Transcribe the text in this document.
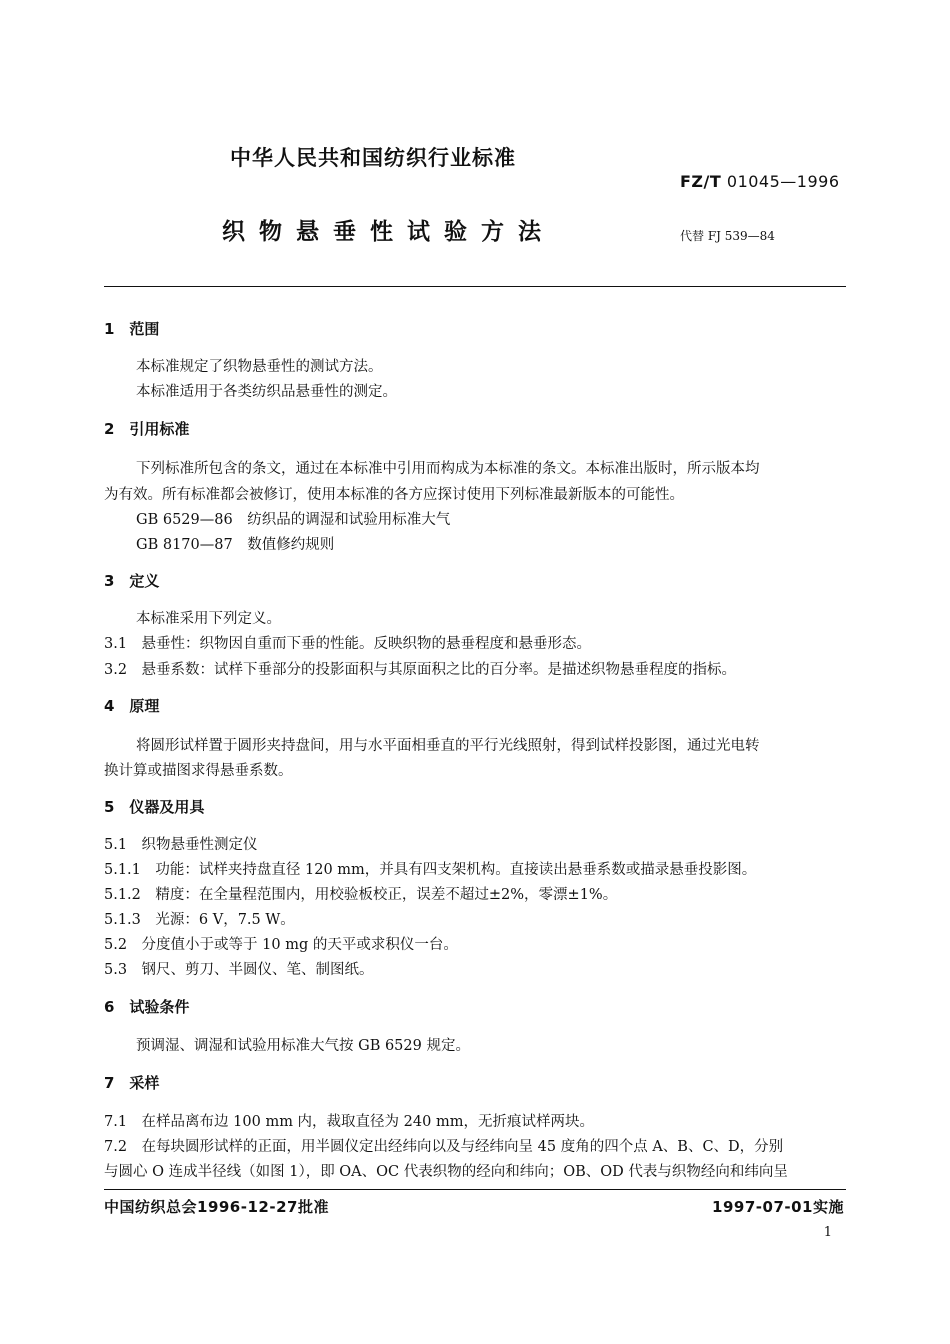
中华人民共和国纺织行业标准
FZ/T 01045—1996
织物悬垂性试验方法	代替 FJ 539—84
1　范围
本标准规定了织物悬垂性的测试方法。
本标准适用于各类纺织品悬垂性的测定。
2　引用标准
下列标准所包含的条文，通过在本标准中引用而构成为本标准的条文。本标准出版时，所示版本均
为有效。所有标准都会被修订，使用本标准的各方应探讨使用下列标准最新版本的可能性。
GB 6529—86　纺织品的调湿和试验用标准大气
GB 8170—87　数值修约规则
3　定义
本标准采用下列定义。
3.1　悬垂性：织物因自重而下垂的性能。反映织物的悬垂程度和悬垂形态。
3.2　悬垂系数：试样下垂部分的投影面积与其原面积之比的百分率。是描述织物悬垂程度的指标。
4　原理
将圆形试样置于圆形夹持盘间，用与水平面相垂直的平行光线照射，得到试样投影图，通过光电转
换计算或描图求得悬垂系数。
5　仪器及用具
5.1　织物悬垂性测定仪
5.1.1　功能：试样夹持盘直径 120 mm，并具有四支架机构。直接读出悬垂系数或描录悬垂投影图。
5.1.2　精度：在全量程范围内，用校验板校正，误差不超过±2%，零漂±1%。
5.1.3　光源：6 V，7.5 W。
5.2　分度值小于或等于 10 mg 的天平或求积仪一台。
5.3　钢尺、剪刀、半圆仪、笔、制图纸。
6　试验条件
预调湿、调湿和试验用标准大气按 GB 6529 规定。
7　采样
7.1　在样品离布边 100 mm 内，裁取直径为 240 mm，无折痕试样两块。
7.2　在每块圆形试样的正面，用半圆仪定出经纬向以及与经纬向呈 45 度角的四个点 A、B、C、D，分别
与圆心 O 连成半径线（如图 1），即 OA、OC 代表织物的经向和纬向；OB、OD 代表与织物经向和纬向呈
中国纺织总会1996-12-27批准	1997-07-01实施
1
